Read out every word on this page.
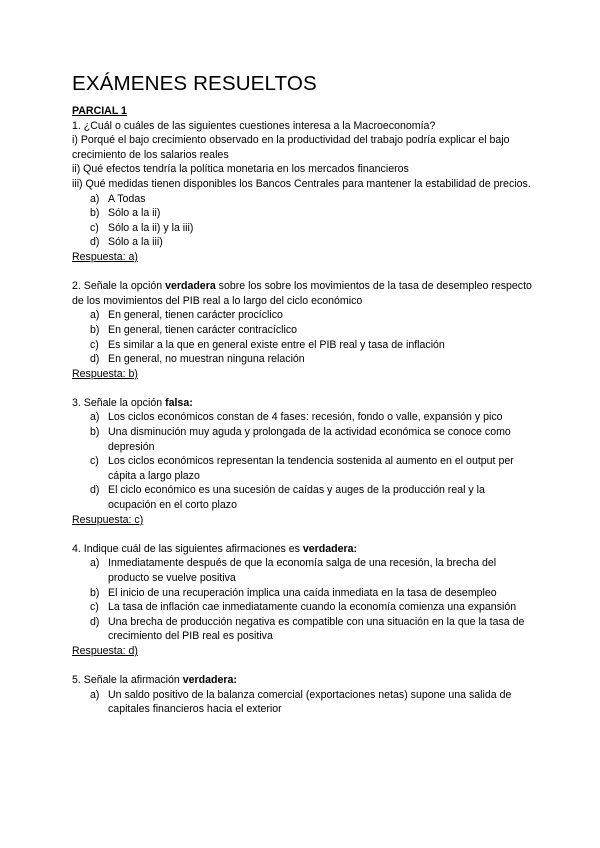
EXÁMENES RESUELTOS

PARCIAL 1

1. ¿Cuál o cuáles de las siguientes cuestiones interesa a la Macroeconomía?

i) Porqué el bajo crecimiento observado en la productividad del trabajo podría explicar el bajo crecimiento de los salarios reales

ii) Qué efectos tendría la política monetaria en los mercados financieros

iii) Qué medidas tienen disponibles los Bancos Centrales para mantener la estabilidad de precios.

a) A Todas
b) Sólo a la ii)
c) Sólo a la ii) y la iii)
d) Sólo a la iii)

Respuesta: a)

2. Señale la opción verdadera sobre los sobre los movimientos de la tasa de desempleo respecto de los movimientos del PIB real a lo largo del ciclo económico

a) En general, tienen carácter procíclico
b) En general, tienen carácter contracíclico
c) Es similar a la que en general existe entre el PIB real y tasa de inflación
d) En general, no muestran ninguna relación

Respuesta: b)

3. Señale la opción falsa:

a) Los ciclos económicos constan de 4 fases: recesión, fondo o valle, expansión y pico
b) Una disminución muy aguda y prolongada de la actividad económica se conoce como depresión
c) Los ciclos económicos representan la tendencia sostenida al aumento en el output per cápita a largo plazo
d) El ciclo económico es una sucesión de caídas y auges de la producción real y la ocupación en el corto plazo

Resupuesta: c)

4. Indique cuál de las siguientes afirmaciones es verdadera:

a) Inmediatamente después de que la economía salga de una recesión, la brecha del producto se vuelve positiva
b) El inicio de una recuperación implica una caída inmediata en la tasa de desempleo
c) La tasa de inflación cae inmediatamente cuando la economía comienza una expansión
d) Una brecha de producción negativa es compatible con una situación en la que la tasa de crecimiento del PIB real es positiva

Respuesta: d)

5. Señale la afirmación verdadera:

a) Un saldo positivo de la balanza comercial (exportaciones netas) supone una salida de capitales financieros hacia el exterior
